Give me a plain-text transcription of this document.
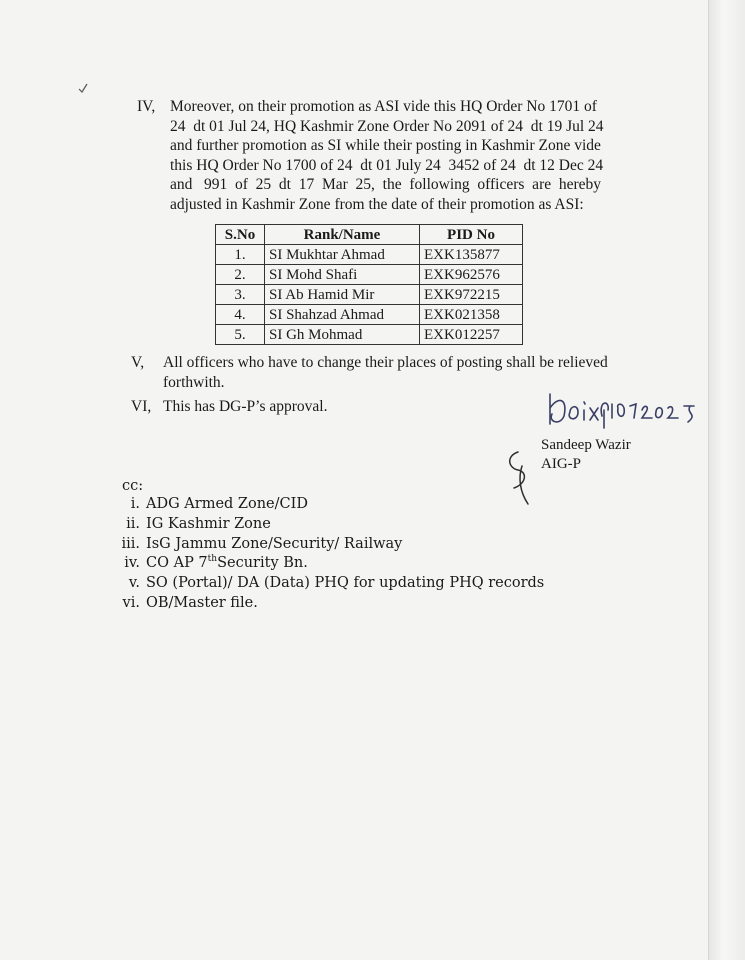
IV, Moreover, on their promotion as ASI vide this HQ Order No 1701 of
24  dt 01 Jul 24, HQ Kashmir Zone Order No 2091 of 24  dt 19 Jul 24
and further promotion as SI while their posting in Kashmir Zone vide
this HQ Order No 1700 of 24  dt 01 July 24  3452 of 24  dt 12 Dec 24
and   991  of  25  dt  17  Mar  25,  the  following  officers  are  hereby
adjusted in Kashmir Zone from the date of their promotion as ASI:
S.No	Rank/Name	PID No
1.	SI Mukhtar Ahmad	EXK135877
2.	SI Mohd Shafi	EXK962576
3.	SI Ab Hamid Mir	EXK972215
4.	SI Shahzad Ahmad	EXK021358
5.	SI Gh Mohmad	EXK012257
V, All officers who have to change their places of posting shall be relieved
forthwith.
VI, This has DG-P’s approval.
Sandeep Wazir
AIG-P
cc:
i. ADG Armed Zone/CID
ii. IG Kashmir Zone
iii. IsG Jammu Zone/Security/ Railway
iv. CO AP 7thSecurity Bn.
v. SO (Portal)/ DA (Data) PHQ for updating PHQ records
vi. OB/Master file.
